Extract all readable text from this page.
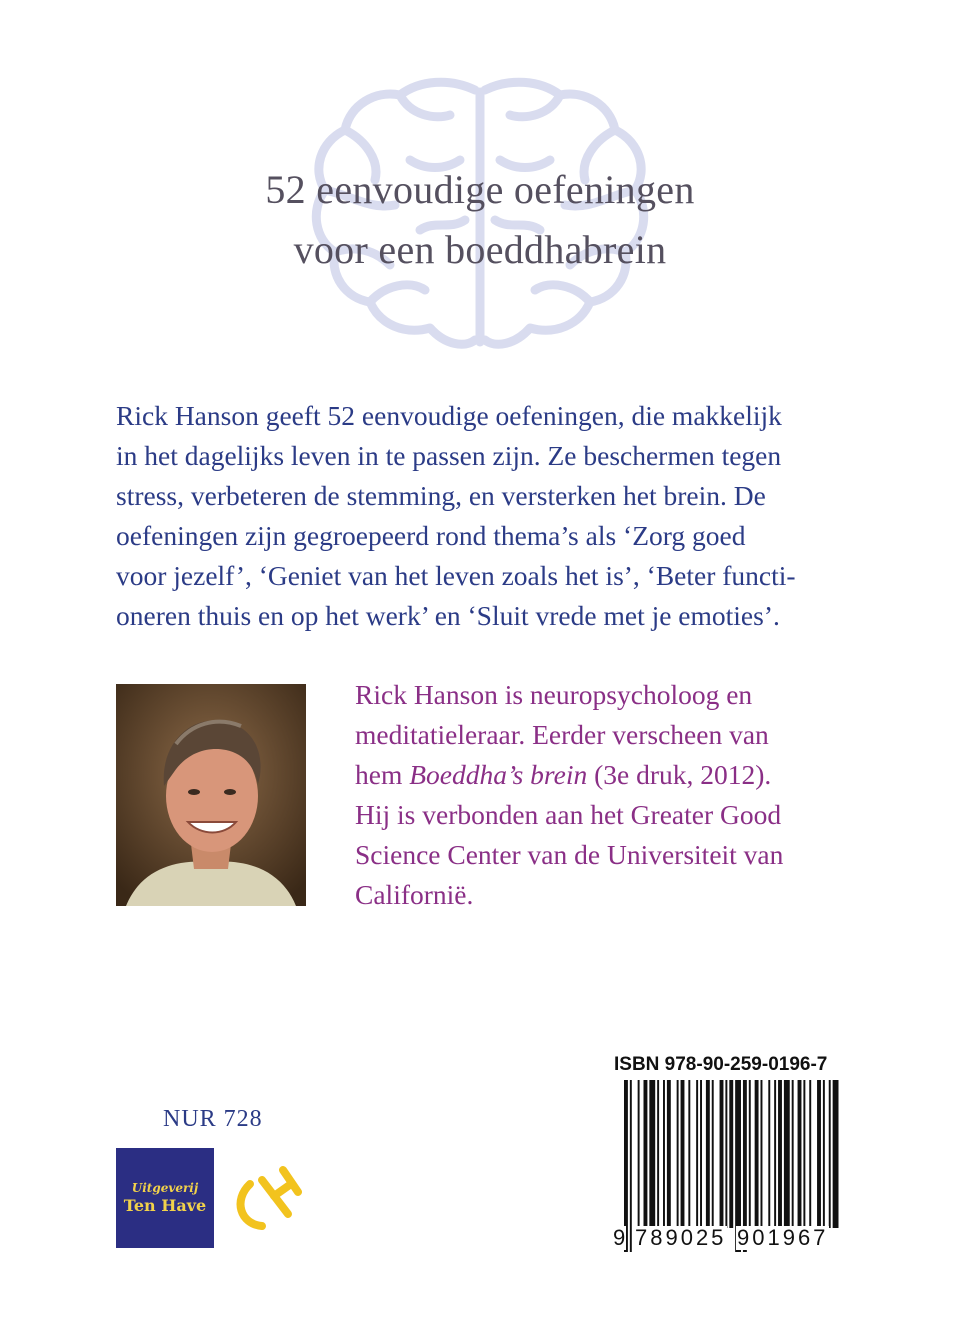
52 eenvoudige oefeningen
voor een boeddhabrein
Rick Hanson geeft 52 eenvoudige oefeningen, die makkelijk
in het dagelijks leven in te passen zijn. Ze beschermen tegen
stress, verbeteren de stemming, en versterken het brein. De
oefeningen zijn gegroepeerd rond thema’s als ‘Zorg goed
voor jezelf’, ‘Geniet van het leven zoals het is’, ‘Beter functi-
oneren thuis en op het werk’ en ‘Sluit vrede met je emoties’.
Rick Hanson is neuropsycholoog en
meditatieleraar. Eerder verscheen van
hem Boeddha’s brein (3e druk, 2012).
Hij is verbonden aan het Greater Good
Science Center van de Universiteit van
Californië.
NUR 728
Uitgeverij
Ten Have
ISBN 978-90-259-0196-7
9 789025 901967
